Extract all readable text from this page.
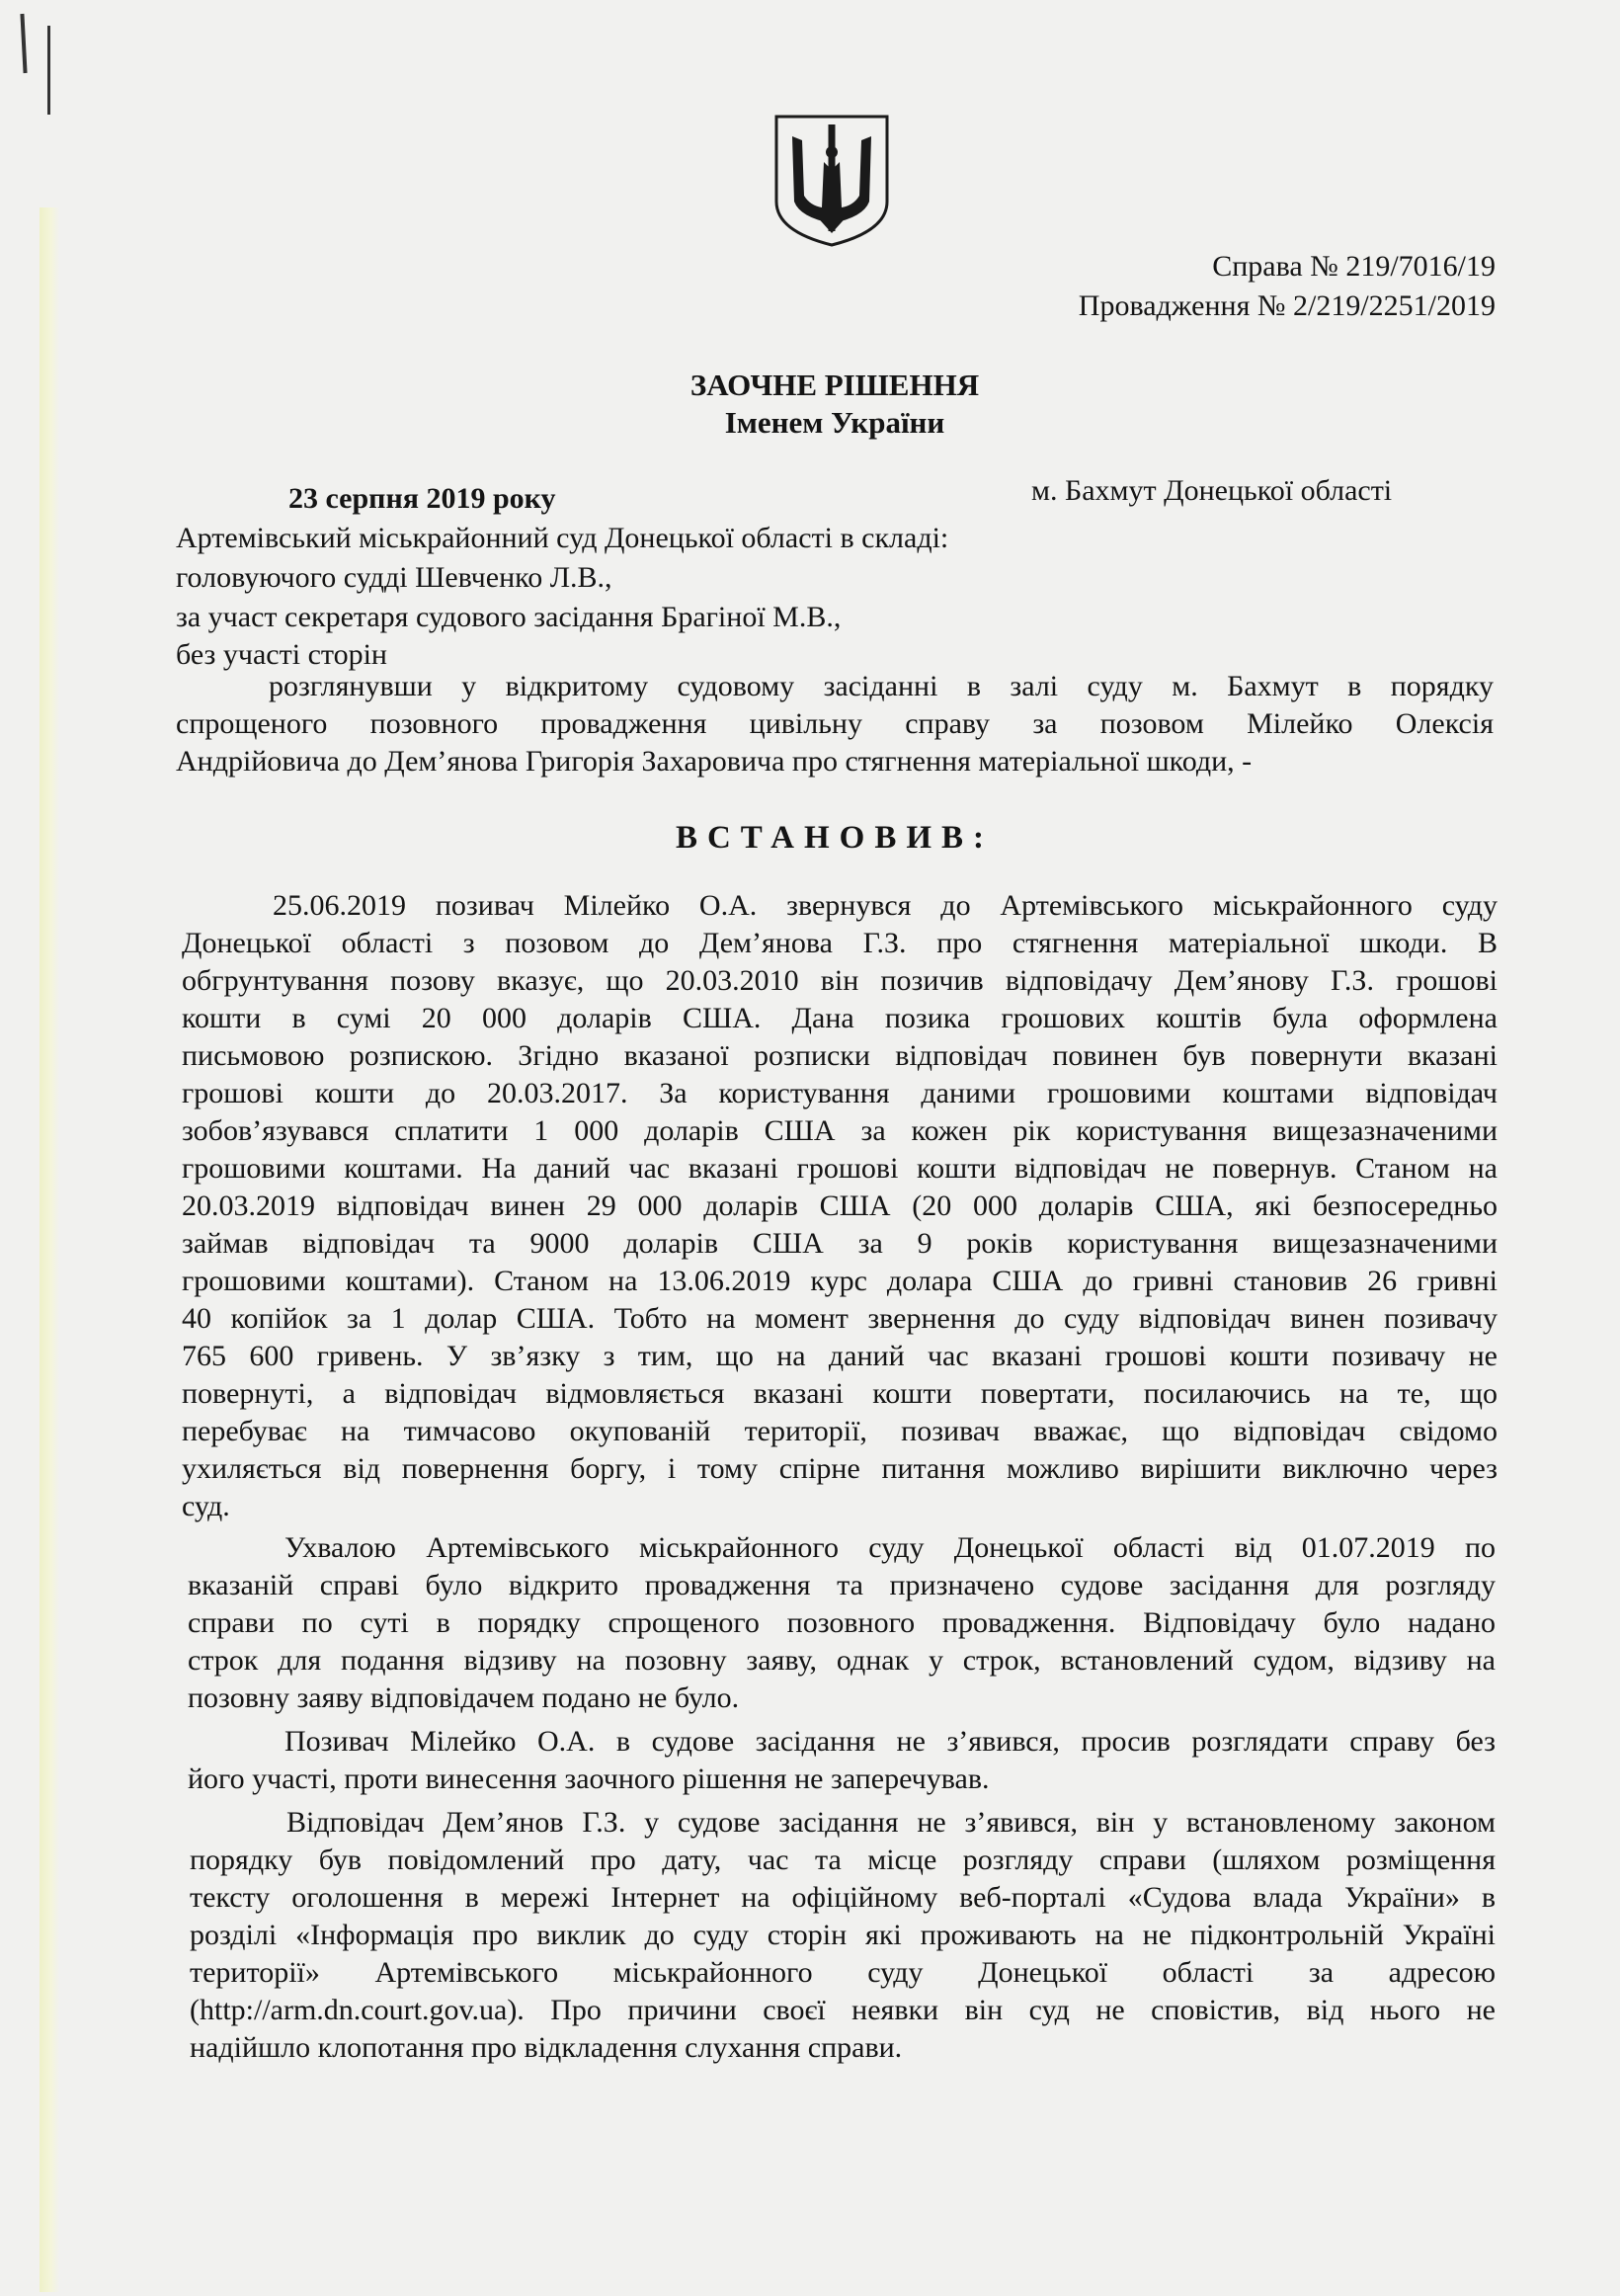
Справа № 219/7016/19
Провадження № 2/219/2251/2019
ЗАОЧНЕ РІШЕННЯ
Іменем України
23 серпня 2019 року	м. Бахмут Донецької області
Артемівський міськрайонний суд Донецької області в складі:
головуючого судді Шевченко Л.В.,
за участ секретаря судового засідання Брагіної М.В.,
без участі сторін
розглянувши у відкритому судовому засіданні в залі суду м. Бахмут в порядку
спрощеного позовного провадження цивільну справу за позовом Мілейко Олексія
Андрійовича до Дем’янова Григорія Захаровича про стягнення матеріальної шкоди, -
ВСТАНОВИВ:
25.06.2019 позивач Мілейко О.А. звернувся до Артемівського міськрайонного суду
Донецької області з позовом до Дем’янова Г.З. про стягнення матеріальної шкоди. В
обгрунтування позову вказує, що 20.03.2010 він позичив відповідачу Дем’янову Г.З. грошові
кошти в сумі 20 000 доларів США. Дана позика грошових коштів була оформлена
письмовою розпискою. Згідно вказаної розписки відповідач повинен був повернути вказані
грошові кошти до 20.03.2017. За користування даними грошовими коштами відповідач
зобов’язувався сплатити 1 000 доларів США за кожен рік користування вищезазначеними
грошовими коштами. На даний час вказані грошові кошти відповідач не повернув. Станом на
20.03.2019 відповідач винен 29 000 доларів США (20 000 доларів США, які безпосередньо
займав відповідач та 9000 доларів США за 9 років користування вищезазначеними
грошовими коштами). Станом на 13.06.2019 курс долара США до гривні становив 26 гривні
40 копійок за 1 долар США. Тобто на момент звернення до суду відповідач винен позивачу
765 600 гривень. У зв’язку з тим, що на даний час вказані грошові кошти позивачу не
повернуті, а відповідач відмовляється вказані кошти повертати, посилаючись на те, що
перебуває на тимчасово окупованій території, позивач вважає, що відповідач свідомо
ухиляється від повернення боргу, і тому спірне питання можливо вирішити виключно через
суд.
Ухвалою Артемівського міськрайонного суду Донецької області від 01.07.2019 по
вказаній справі було відкрито провадження та призначено судове засідання для розгляду
справи по суті в порядку спрощеного позовного провадження. Відповідачу було надано
строк для подання відзиву на позовну заяву, однак у строк, встановлений судом, відзиву на
позовну заяву відповідачем подано не було.
Позивач Мілейко О.А. в судове засідання не з’явився, просив розглядати справу без
його участі, проти винесення заочного рішення не заперечував.
Відповідач Дем’янов Г.З. у судове засідання не з’явився, він у встановленому законом
порядку був повідомлений про дату, час та місце розгляду справи (шляхом розміщення
тексту оголошення в мережі Інтернет на офіційному веб-порталі «Судова влада України» в
розділі «Інформація про виклик до суду сторін які проживають на не підконтрольній Україні
території» Артемівського міськрайонного суду Донецької області за адресою
(http://arm.dn.court.gov.ua). Про причини своєї неявки він суд не сповістив, від нього не
надійшло клопотання про відкладення слухання справи.
